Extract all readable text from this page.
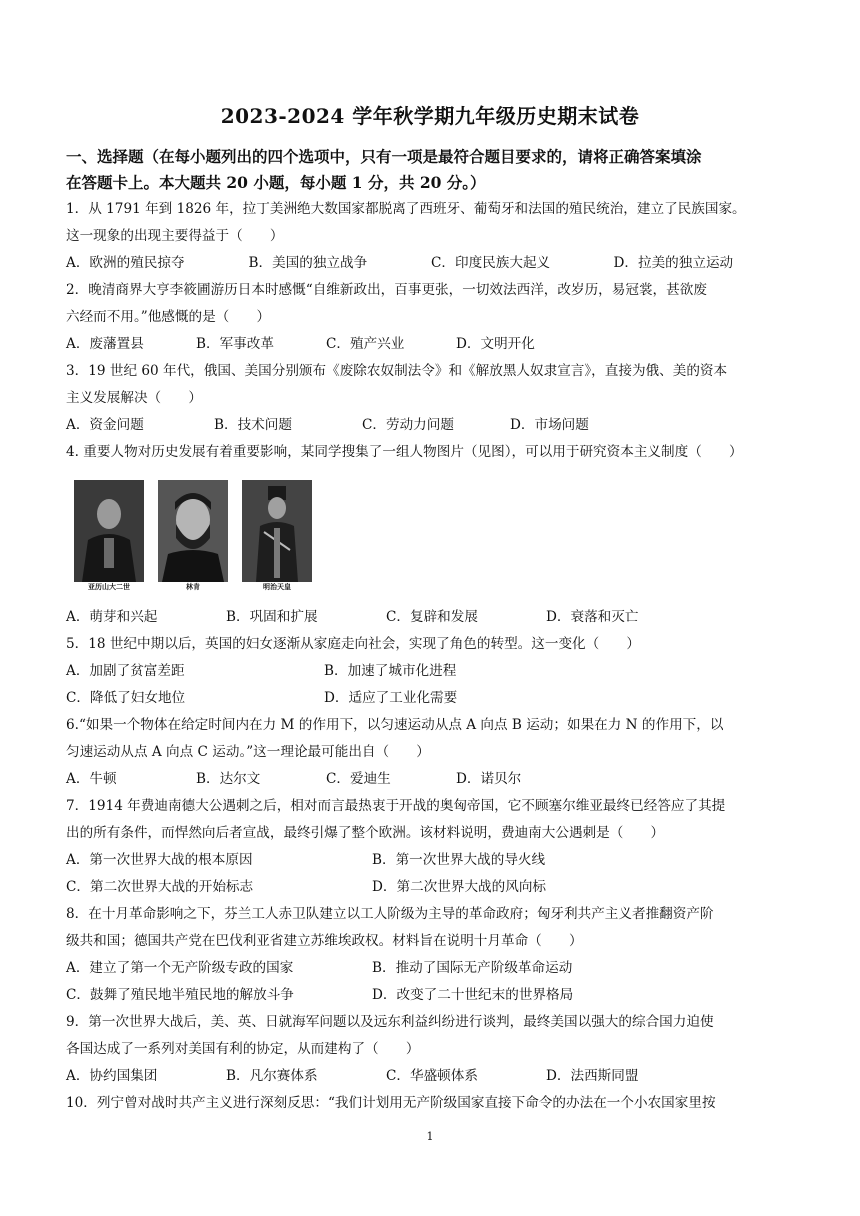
2023-2024 学年秋学期九年级历史期末试卷
一、选择题（在每小题列出的四个选项中，只有一项是最符合题目要求的，请将正确答案填涂
在答题卡上。本大题共 20 小题，每小题 1 分，共 20 分。）
1．从 1791 年到 1826 年，拉丁美洲绝大数国家都脱离了西班牙、葡萄牙和法国的殖民统治，建立了民族国家。
这一现象的出现主要得益于（　　）
A．欧洲的殖民掠夺	B．美国的独立战争	C．印度民族大起义	D．拉美的独立运动
2．晚清商界大亨李筱圃游历日本时感慨“自维新政出，百事更张，一切效法西洋，改岁历，易冠裳，甚欲废
六经而不用。”他感慨的是（　　）
A．废藩置县	B．军事改革	C．殖产兴业	D．文明开化
3．19 世纪 60 年代，俄国、美国分别颁布《废除农奴制法令》和《解放黑人奴隶宣言》，直接为俄、美的资本
主义发展解决（　　）
A．资金问题	B．技术问题	C．劳动力问题	D．市场问题
4. 重要人物对历史发展有着重要影响，某同学搜集了一组人物图片（见图），可以用于研究资本主义制度（　　）
亚历山大二世	林肯	明治天皇
A．萌芽和兴起	B．巩固和扩展	C．复辟和发展	D．衰落和灭亡
5．18 世纪中期以后，英国的妇女逐渐从家庭走向社会，实现了角色的转型。这一变化（　　）
A．加剧了贫富差距	B．加速了城市化进程
C．降低了妇女地位	D．适应了工业化需要
6.“如果一个物体在给定时间内在力 M 的作用下，以匀速运动从点 A 向点 B 运动；如果在力 N 的作用下，以
匀速运动从点 A 向点 C 运动。”这一理论最可能出自（　　）
A．牛顿	B．达尔文	C．爱迪生	D．诺贝尔
7．1914 年费迪南德大公遇刺之后，相对而言最热衷于开战的奥匈帝国，它不顾塞尔维亚最终已经答应了其提
出的所有条件，而悍然向后者宣战，最终引爆了整个欧洲。该材料说明，费迪南大公遇刺是（　　）
A．第一次世界大战的根本原因	B．第一次世界大战的导火线
C．第二次世界大战的开始标志	D．第二次世界大战的风向标
8．在十月革命影响之下，芬兰工人赤卫队建立以工人阶级为主导的革命政府；匈牙利共产主义者推翻资产阶
级共和国；德国共产党在巴伐利亚省建立苏维埃政权。材料旨在说明十月革命（　　）
A．建立了第一个无产阶级专政的国家	B．推动了国际无产阶级革命运动
C．鼓舞了殖民地半殖民地的解放斗争	D．改变了二十世纪末的世界格局
9．第一次世界大战后，美、英、日就海军问题以及远东利益纠纷进行谈判，最终美国以强大的综合国力迫使
各国达成了一系列对美国有利的协定，从而建构了（　　）
A．协约国集团	B．凡尔赛体系	C．华盛顿体系	D．法西斯同盟
10．列宁曾对战时共产主义进行深刻反思：“我们计划用无产阶级国家直接下命令的办法在一个小农国家里按
1
